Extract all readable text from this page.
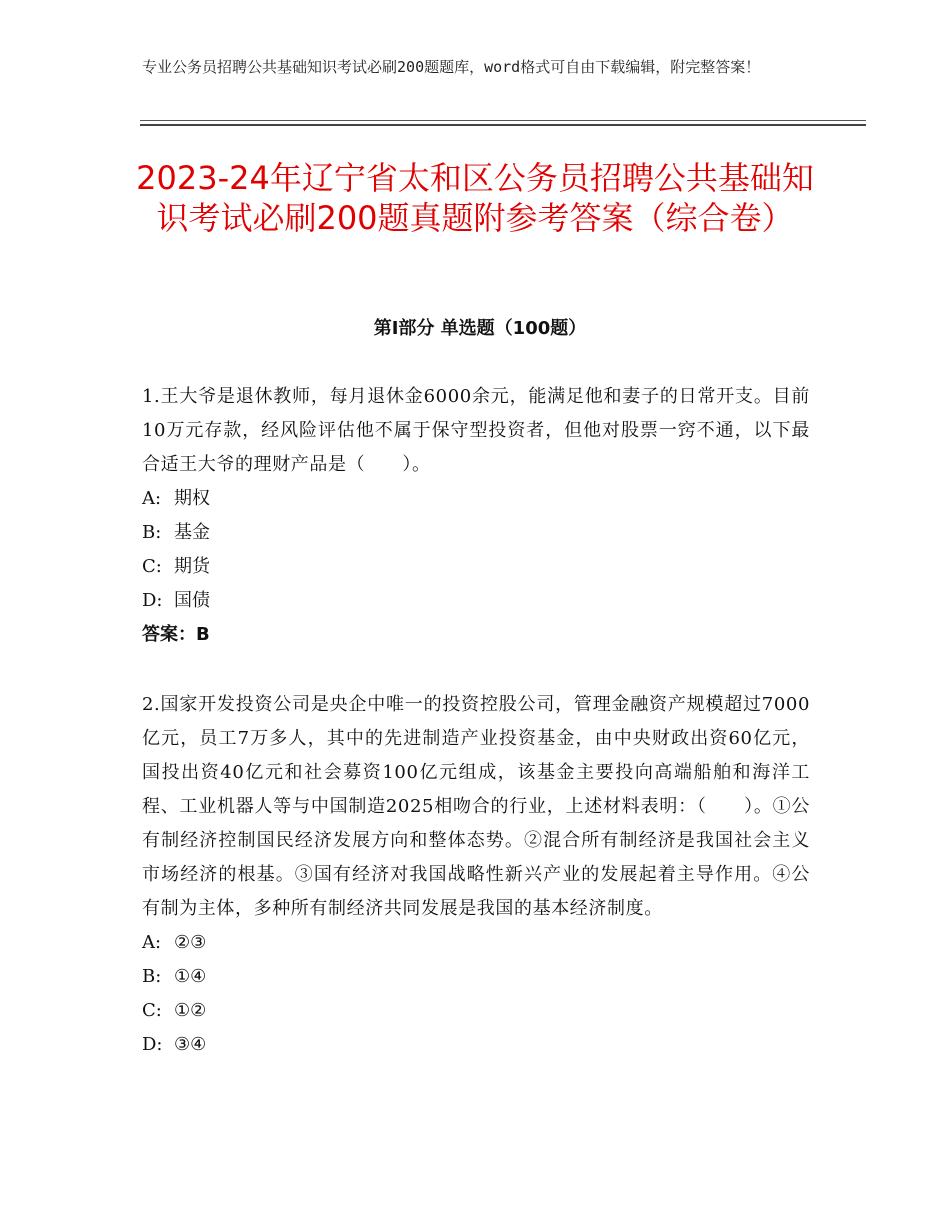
专业公务员招聘公共基础知识考试必刷200题题库，word格式可自由下载编辑，附完整答案！
2023-24年辽宁省太和区公务员招聘公共基础知识考试必刷200题真题附参考答案（综合卷）
第Ⅰ部分 单选题（100题）

1.王大爷是退休教师，每月退休金6000余元，能满足他和妻子的日常开支。目前10万元存款，经风险评估他不属于保守型投资者，但他对股票一窍不通，以下最合适王大爷的理财产品是（　　）。

A: 期权

B: 基金

C: 期货

D: 国债

答案：B

2.国家开发投资公司是央企中唯一的投资控股公司，管理金融资产规模超过7000亿元，员工7万多人，其中的先进制造产业投资基金，由中央财政出资60亿元，国投出资40亿元和社会募资100亿元组成，该基金主要投向高端船舶和海洋工程、工业机器人等与中国制造2025相吻合的行业，上述材料表明：（　　）。①公有制经济控制国民经济发展方向和整体态势。②混合所有制经济是我国社会主义市场经济的根基。③国有经济对我国战略性新兴产业的发展起着主导作用。④公有制为主体，多种所有制经济共同发展是我国的基本经济制度。

A: ②③

B: ①④

C: ①②

D: ③④
